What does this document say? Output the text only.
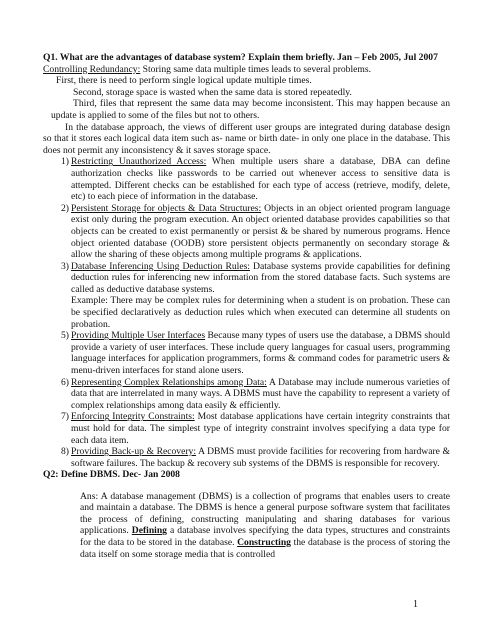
Q1. What are the advantages of database system? Explain them briefly. Jan – Feb 2005, Jul 2007

Controlling Redundancy: Storing same data multiple times leads to several problems.

First, there is need to perform single logical update multiple times.

Second, storage space is wasted when the same data is stored repeatedly.

Third, files that represent the same data may become inconsistent. This may happen because an update is applied to some of the files but not to others.

In the database approach, the views of different user groups are integrated during database design so that it stores each logical data item such as- name or birth date- in only one place in the database. This does not permit any inconsistency & it saves storage space.

1) Restricting Unauthorized Access: When multiple users share a database, DBA can define authorization checks like passwords to be carried out whenever access to sensitive data is attempted. Different checks can be established for each type of access (retrieve, modify, delete, etc) to each piece of information in the database.
2) Persistent Storage for objects & Data Structures: Objects in an object oriented program language exist only during the program execution. An object oriented database provides capabilities so that objects can be created to exist permanently or persist & be shared by numerous programs. Hence object oriented database (OODB) store persistent objects permanently on secondary storage & allow the sharing of these objects among multiple programs & applications.
3) Database Inferencing Using Deduction Rules: Database systems provide capabilities for defining deduction rules for inferencing new information from the stored database facts. Such systems are called as deductive database systems.
Example: There may be complex rules for determining when a student is on probation. These can be specified declaratively as deduction rules which when executed can determine all students on probation.
5) Providing Multiple User Interfaces Because many types of users use the database, a DBMS should provide a variety of user interfaces. These include query languages for casual users, programming language interfaces for application programmers, forms & command codes for parametric users & menu-driven interfaces for stand alone users.
6) Representing Complex Relationships among Data: A Database may include numerous varieties of data that are interrelated in many ways. A DBMS must have the capability to represent a variety of complex relationships among data easily & efficiently.
7) Enforcing Integrity Constraints: Most database applications have certain integrity constraints that must hold for data. The simplest type of integrity constraint involves specifying a data type for each data item.
8) Providing Back-up & Recovery: A DBMS must provide facilities for recovering from hardware & software failures. The backup & recovery sub systems of the DBMS is responsible for recovery.

Q2: Define DBMS. Dec- Jan 2008

Ans: A database management (DBMS) is a collection of programs that enables users to create and maintain a database. The DBMS is hence a general purpose software system that facilitates the process of defining, constructing manipulating and sharing databases for various applications. Defining a database involves specifying the data types, structures and constraints for the data to be stored in the database. Constructing the database is the process of storing the data itself on some storage media that is controlled

1
